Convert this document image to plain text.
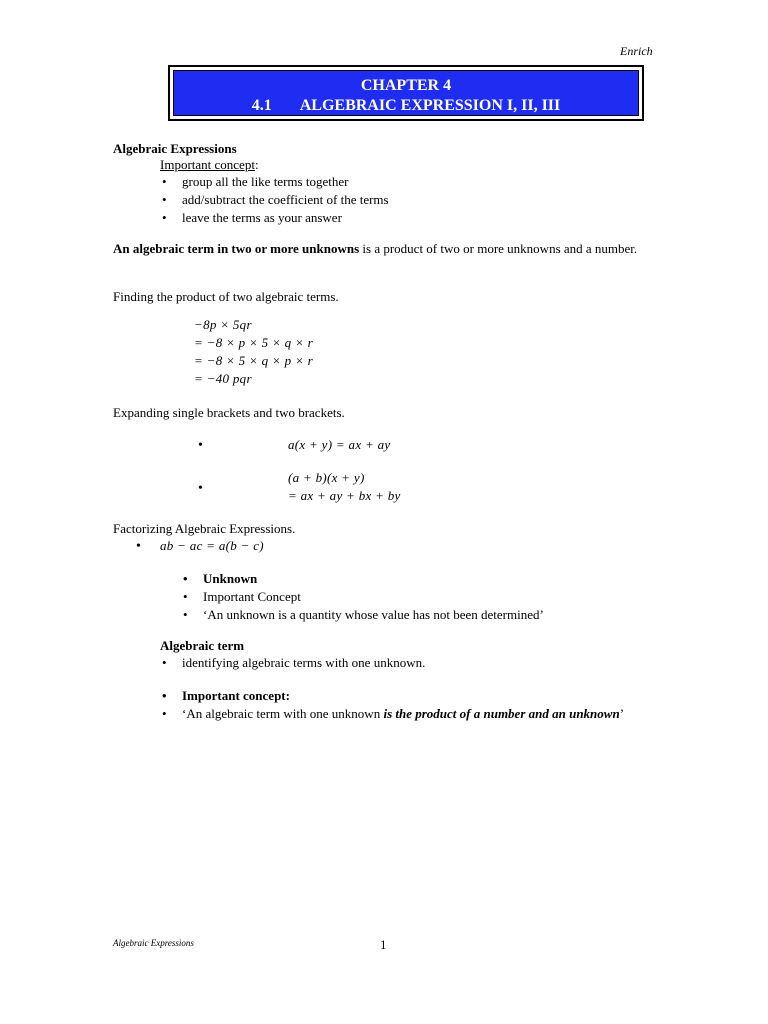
Enrich
CHAPTER 4
4.1 ALGEBRAIC EXPRESSION I, II, III
Algebraic Expressions
Important concept:
• group all the like terms together
• add/subtract the coefficient of the terms
• leave the terms as your answer
An algebraic term in two or more unknowns is a product of two or more unknowns and a number.
Finding the product of two algebraic terms.
−8p × 5qr
= −8 × p × 5 × q × r
= −8 × 5 × q × p × r
= −40 pqr
Expanding single brackets and two brackets.
•	a(x + y) = ax + ay
(a + b)(x + y)
•	= ax + ay + bx + by
Factorizing Algebraic Expressions.
• ab − ac = a(b − c)
• Unknown
• Important Concept
• ‘An unknown is a quantity whose value has not been determined’
Algebraic term
• identifying algebraic terms with one unknown.
• Important concept:
• ‘An algebraic term with one unknown is the product of a number and an unknown’
Algebraic Expressions	1
